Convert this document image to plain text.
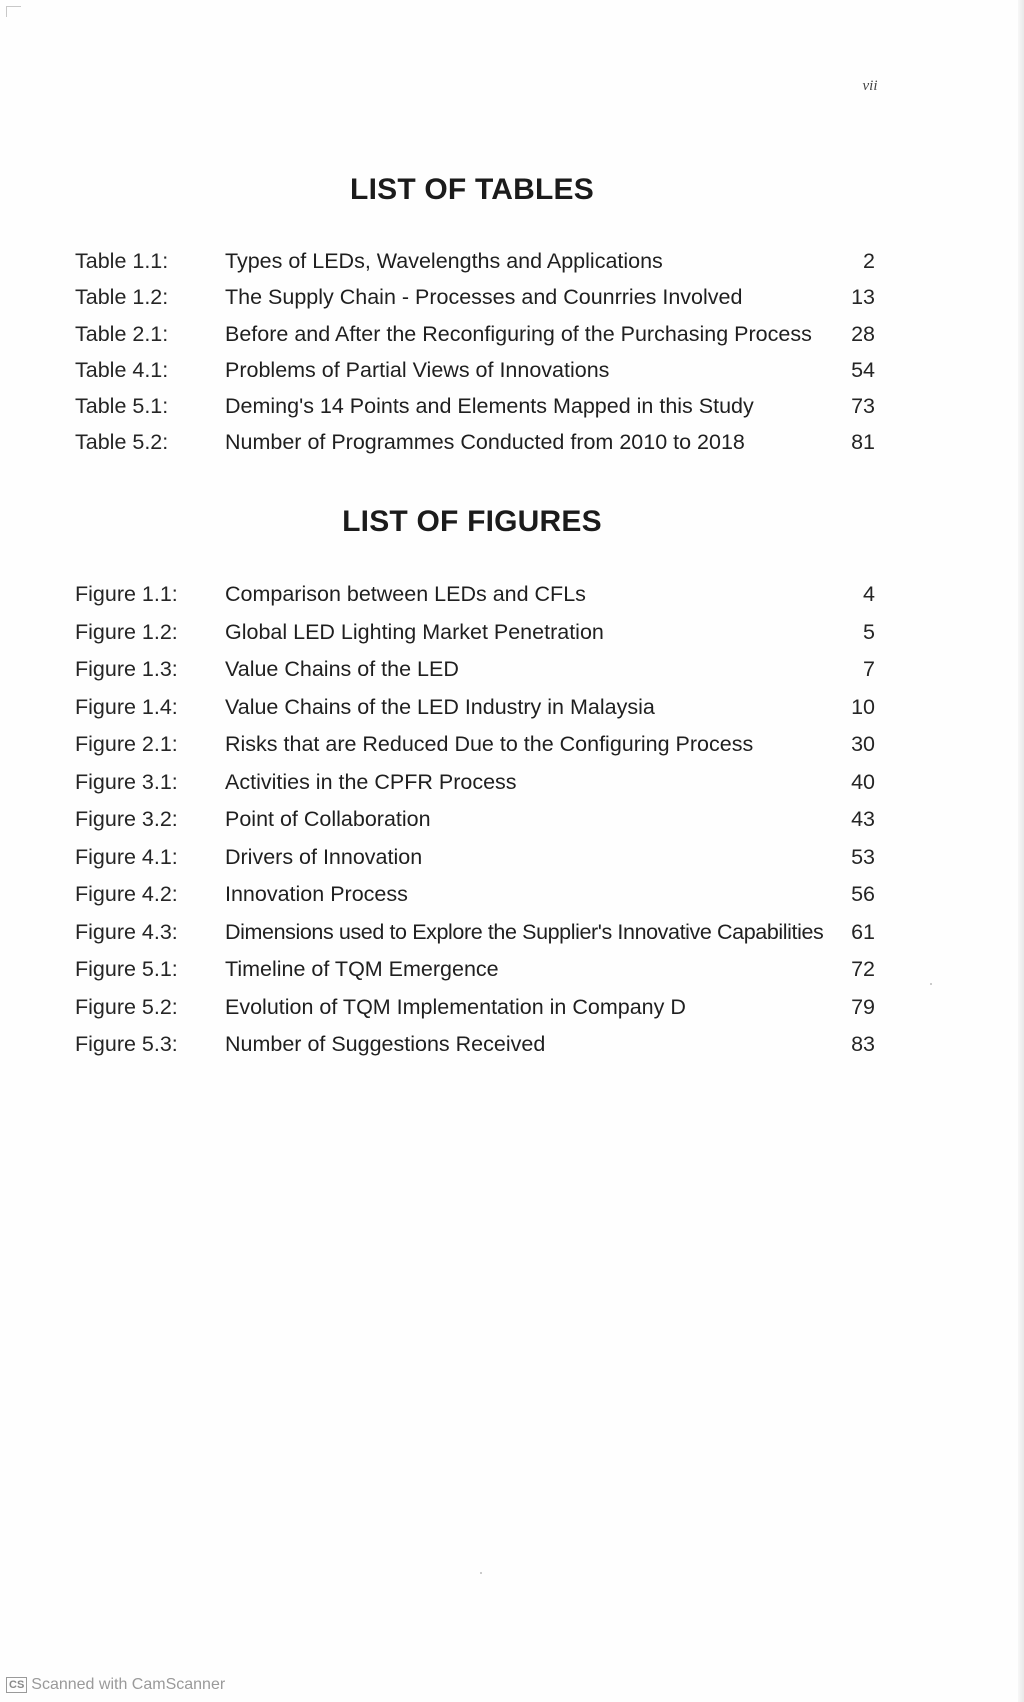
vii
LIST OF TABLES
Table 1.1:	Types of LEDs, Wavelengths and Applications	2
Table 1.2:	The Supply Chain - Processes and Counrries Involved	13
Table 2.1:	Before and After the Reconfiguring of the Purchasing Process	28
Table 4.1:	Problems of Partial Views of Innovations	54
Table 5.1:	Deming's 14 Points and Elements Mapped in this Study	73
Table 5.2:	Number of Programmes Conducted from 2010 to 2018	81
LIST OF FIGURES
Figure 1.1:	Comparison between LEDs and CFLs	4
Figure 1.2:	Global LED Lighting Market Penetration	5
Figure 1.3:	Value Chains of the LED	7
Figure 1.4:	Value Chains of the LED Industry in Malaysia	10
Figure 2.1:	Risks that are Reduced Due to the Configuring Process	30
Figure 3.1:	Activities in the CPFR Process	40
Figure 3.2:	Point of Collaboration	43
Figure 4.1:	Drivers of Innovation	53
Figure 4.2:	Innovation Process	56
Figure 4.3:	Dimensions used to Explore the Supplier's Innovative Capabilities	61
Figure 5.1:	Timeline of TQM Emergence	72
Figure 5.2:	Evolution of TQM Implementation in Company D	79
Figure 5.3:	Number of Suggestions Received	83
CS Scanned with CamScanner
